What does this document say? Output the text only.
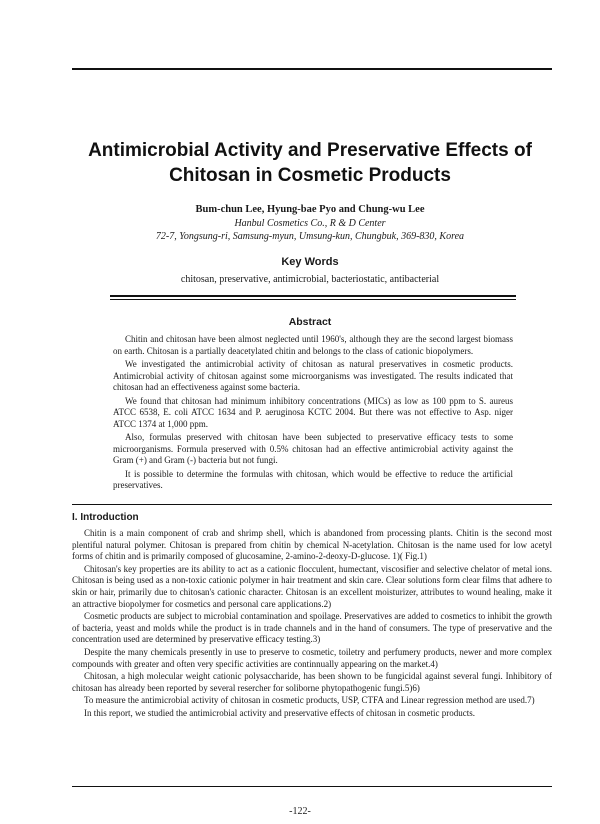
Antimicrobial Activity and Preservative Effects of
Chitosan in Cosmetic Products
Bum-chun Lee, Hyung-bae Pyo and Chung-wu Lee
Hanbul Cosmetics Co., R & D Center
72-7, Yongsung-ri, Samsung-myun, Umsung-kun, Chungbuk, 369-830, Korea
Key Words
chitosan, preservative, antimicrobial, bacteriostatic, antibacterial
Abstract

Chitin and chitosan have been almost neglected until 1960's, although they are the second largest biomass on earth. Chitosan is a partially deacetylated chitin and belongs to the class of cationic biopolymers.

We investigated the antimicrobial activity of chitosan as natural preservatives in cosmetic products. Antimicrobial activity of chitosan against some microorganisms was investigated. The results indicated that chitosan had an effectiveness against some bacteria.

We found that chitosan had minimum inhibitory concentrations (MICs) as low as 100 ppm to S. aureus ATCC 6538, E. coli ATCC 1634 and P. aeruginosa KCTC 2004. But there was not effective to Asp. niger ATCC 1374 at 1,000 ppm.

Also, formulas preserved with chitosan have been subjected to preservative efficacy tests to some microorganisms. Formula preserved with 0.5% chitosan had an effective antimicrobial activity against the Gram (+) and Gram (-) bacteria but not fungi.

It is possible to determine the formulas with chitosan, which would be effective to reduce the artificial preservatives.

I. Introduction

Chitin is a main component of crab and shrimp shell, which is abandoned from processing plants. Chitin is the second most plentiful natural polymer. Chitosan is prepared from chitin by chemical N-acetylation. Chitosan is the name used for low acetyl forms of chitin and is primarily composed of glucosamine, 2-amino-2-deoxy-D-glucose. 1)( Fig.1)

Chitosan's key properties are its ability to act as a cationic flocculent, humectant, viscosifier and selective chelator of metal ions. Chitosan is being used as a non-toxic cationic polymer in hair treatment and skin care. Clear solutions form clear films that adhere to skin or hair, primarily due to chitosan's cationic character. Chitosan is an excellent moisturizer, attributes to wound healing, make it an attractive biopolymer for cosmetics and personal care applications.2)

Cosmetic products are subject to microbial contamination and spoilage. Preservatives are added to cosmetics to inhibit the growth of bacteria, yeast and molds while the product is in trade channels and in the hand of consumers. The type of preservative and the concentration used are determined by preservative efficacy testing.3)

Despite the many chemicals presently in use to preserve to cosmetic, toiletry and perfumery products, newer and more complex compounds with greater and often very specific activities are continnually appearing on the market.4)

Chitosan, a high molecular weight cationic polysaccharide, has been shown to be fungicidal against several fungi. Inhibitory of chitosan has already been reported by several resercher for soliborne phytopathogenic fungi.5)6)

To measure the antimicrobial activity of chitosan in cosmetic products, USP, CTFA and Linear regression method are used.7)

In this report, we studied the antimicrobial activity and preservative effects of chitosan in cosmetic products.

-122-
